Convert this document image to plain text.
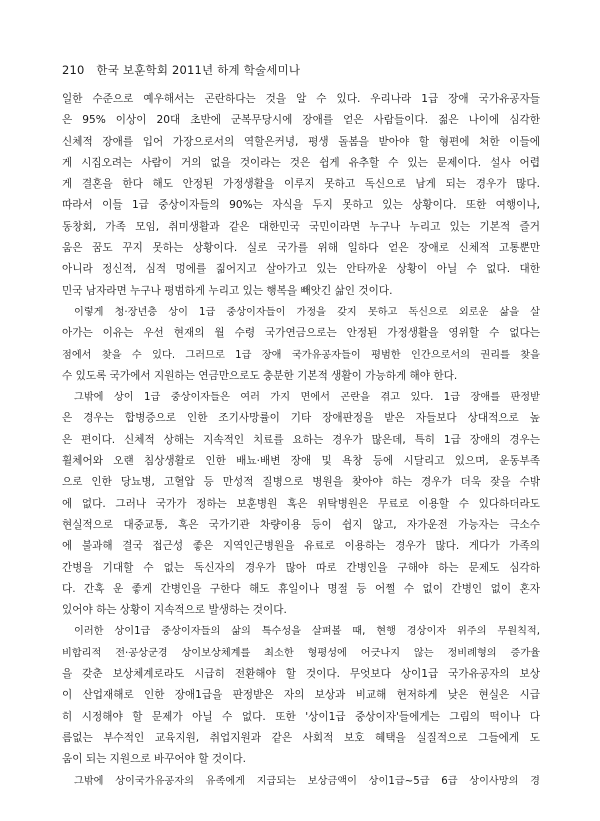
210 한국 보훈학회 2011년 하계 학술세미나
일한 수준으로 예우해서는 곤란하다는 것을 알 수 있다. 우리나라 1급 장애 국가유공자들
은 95% 이상이 20대 초반에 군복무당시에 장애를 얻은 사람들이다. 젊은 나이에 심각한
신체적 장애를 입어 가장으로서의 역할은커녕, 평생 돌봄을 받아야 할 형편에 처한 이들에
게 시집오려는 사람이 거의 없을 것이라는 것은 쉽게 유추할 수 있는 문제이다. 설사 어렵
게 결혼을 한다 해도 안정된 가정생활을 이루지 못하고 독신으로 남게 되는 경우가 많다.
따라서 이들 1급 중상이자들의 90%는 자식을 두지 못하고 있는 상황이다. 또한 여행이나,
동창회, 가족 모임, 취미생활과 같은 대한민국 국민이라면 누구나 누리고 있는 기본적 즐거
움은 꿈도 꾸지 못하는 상황이다. 실로 국가를 위해 일하다 얻은 장애로 신체적 고통뿐만
아니라 정신적, 심적 멍에를 짊어지고 살아가고 있는 안타까운 상황이 아닐 수 없다. 대한
민국 남자라면 누구나 평범하게 누리고 있는 행복을 빼앗긴 삶인 것이다.
이렇게 청·장년층 상이 1급 중상이자들이 가정을 갖지 못하고 독신으로 외로운 삶을 살
아가는 이유는 우선 현재의 월 수령 국가연금으로는 안정된 가정생활을 영위할 수 없다는
점에서 찾을 수 있다. 그러므로 1급 장애 국가유공자들이 평범한 인간으로서의 권리를 찾을
수 있도록 국가에서 지원하는 연금만으로도 충분한 기본적 생활이 가능하게 해야 한다.
그밖에 상이 1급 중상이자들은 여러 가지 면에서 곤란을 겪고 있다. 1급 장애를 판정받
은 경우는 합병증으로 인한 조기사망률이 기타 장애판정을 받은 자들보다 상대적으로 높
은 편이다. 신체적 상해는 지속적인 치료를 요하는 경우가 많은데, 특히 1급 장애의 경우는
휠체어와 오랜 침상생활로 인한 배뇨·배변 장애 및 욕창 등에 시달리고 있으며, 운동부족
으로 인한 당뇨병, 고혈압 등 만성적 질병으로 병원을 찾아야 하는 경우가 더욱 잦을 수밖
에 없다. 그러나 국가가 정하는 보훈병원 혹은 위탁병원은 무료로 이용할 수 있다하더라도
현실적으로 대중교통, 혹은 국가기관 차량이용 등이 쉽지 않고, 자가운전 가능자는 극소수
에 불과해 결국 접근성 좋은 지역인근병원을 유료로 이용하는 경우가 많다. 게다가 가족의
간병을 기대할 수 없는 독신자의 경우가 많아 따로 간병인을 구해야 하는 문제도 심각하
다. 간혹 운 좋게 간병인을 구한다 해도 휴일이나 명절 등 어쩔 수 없이 간병인 없이 혼자
있어야 하는 상황이 지속적으로 발생하는 것이다.
이러한 상이1급 중상이자들의 삶의 특수성을 살펴볼 때, 현행 경상이자 위주의 무원칙적,
비합리적 전·공상군경 상이보상체계를 최소한 형평성에 어긋나지 않는 정비례형의 증가율
을 갖춘 보상체계로라도 시급히 전환해야 할 것이다. 무엇보다 상이1급 국가유공자의 보상
이 산업재해로 인한 장애1급을 판정받은 자의 보상과 비교해 현저하게 낮은 현실은 시급
히 시정해야 할 문제가 아닐 수 없다. 또한 '상이1급 중상이자'들에게는 그림의 떡이나 다
름없는 부수적인 교육지원, 취업지원과 같은 사회적 보호 혜택을 실질적으로 그들에게 도
움이 되는 지원으로 바꾸어야 할 것이다.
그밖에 상이국가유공자의 유족에게 지급되는 보상금액이 상이1급~5급 6급 상이사망의 경
